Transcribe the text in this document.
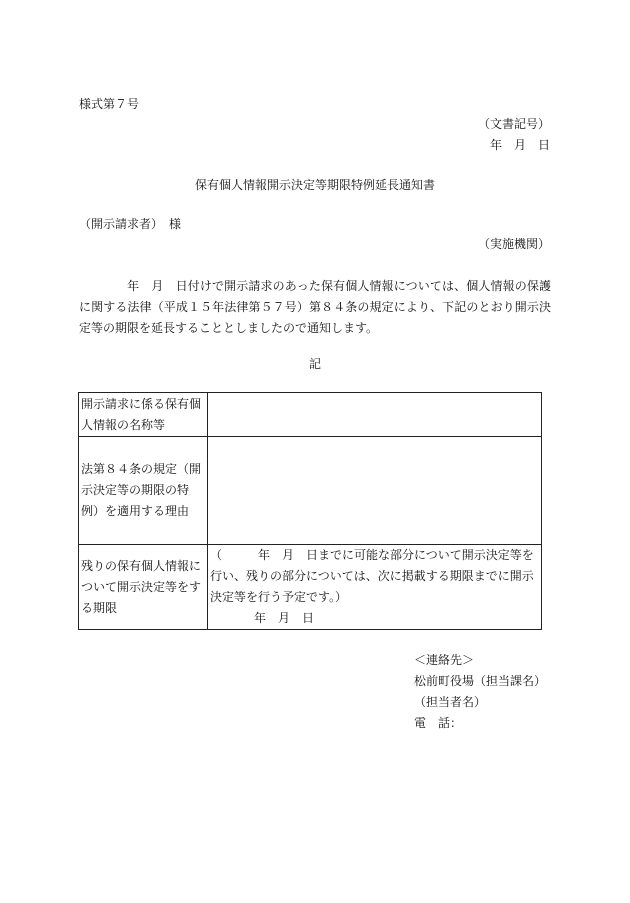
様式第７号
（文書記号）
年　月　日
保有個人情報開示決定等期限特例延長通知書
（開示請求者）　様
（実施機関）
年　月　日付けで開示請求のあった保有個人情報については、個人情報の保護に関する法律（平成１５年法律第５７号）第８４条の規定により、下記のとおり開示決定等の期限を延長することとしましたので通知します。
記
開示請求に係る保有個人情報の名称等	
法第８４条の規定（開示決定等の期限の特例）を適用する理由	
残りの保有個人情報について開示決定等をする期限	（　　　年　月　日までに可能な部分について開示決定等を行い、残りの部分については、次に掲載する期限までに開示決定等を行う予定です。）
年　月　日
＜連絡先＞
松前町役場（担当課名）
（担当者名）
電　話：
